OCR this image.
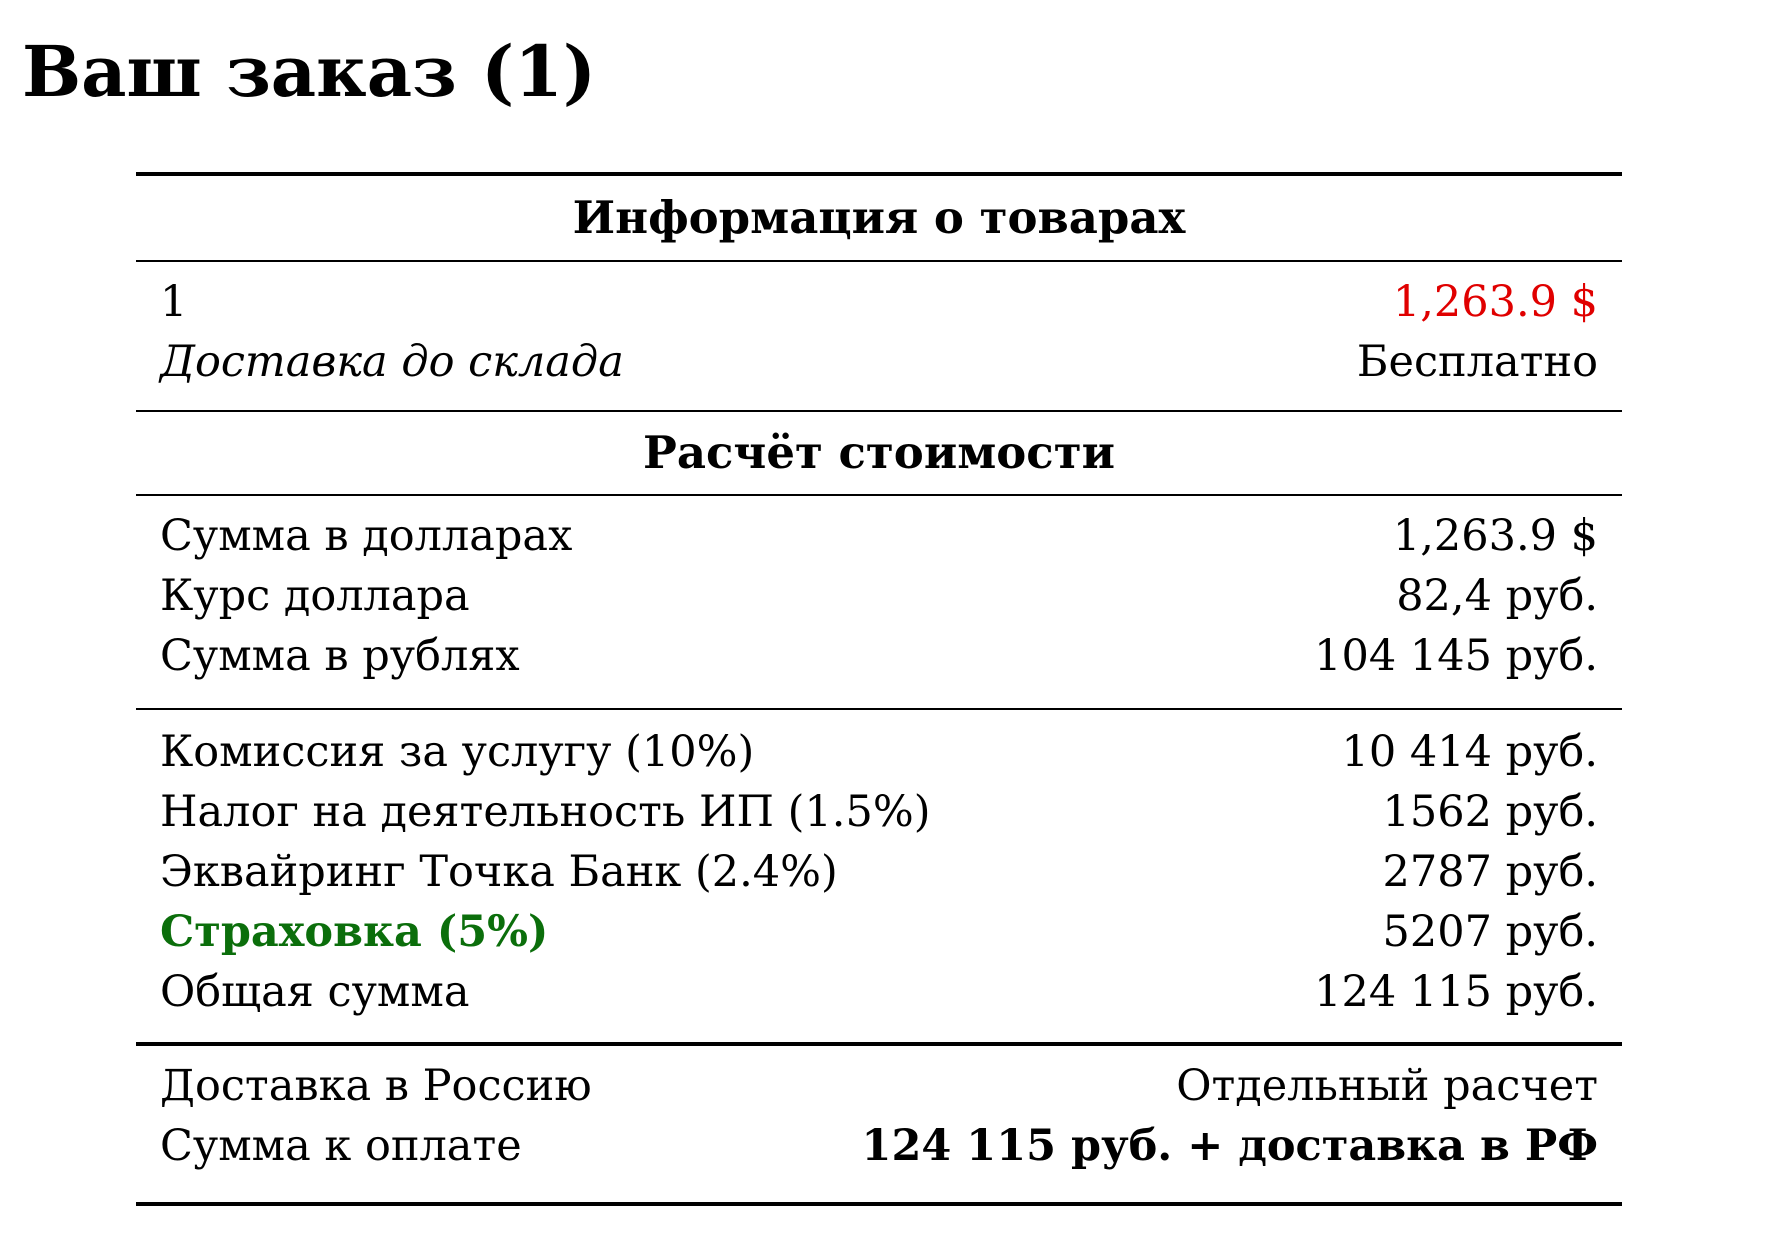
Ваш заказ (1)
Информация о товарах
1	1,263.9 $
Доставка до склада	Бесплатно
Расчёт стоимости
Сумма в долларах	1,263.9 $
Курс доллара	82,4 руб.
Сумма в рублях	104 145 руб.
Комиссия за услугу (10%)	10 414 руб.
Налог на деятельность ИП (1.5%)	1562 руб.
Эквайринг Точка Банк (2.4%)	2787 руб.
Страховка (5%)	5207 руб.
Общая сумма	124 115 руб.
Доставка в Россию	Отдельный расчет
Сумма к оплате	124 115 руб. + доставка в РФ
